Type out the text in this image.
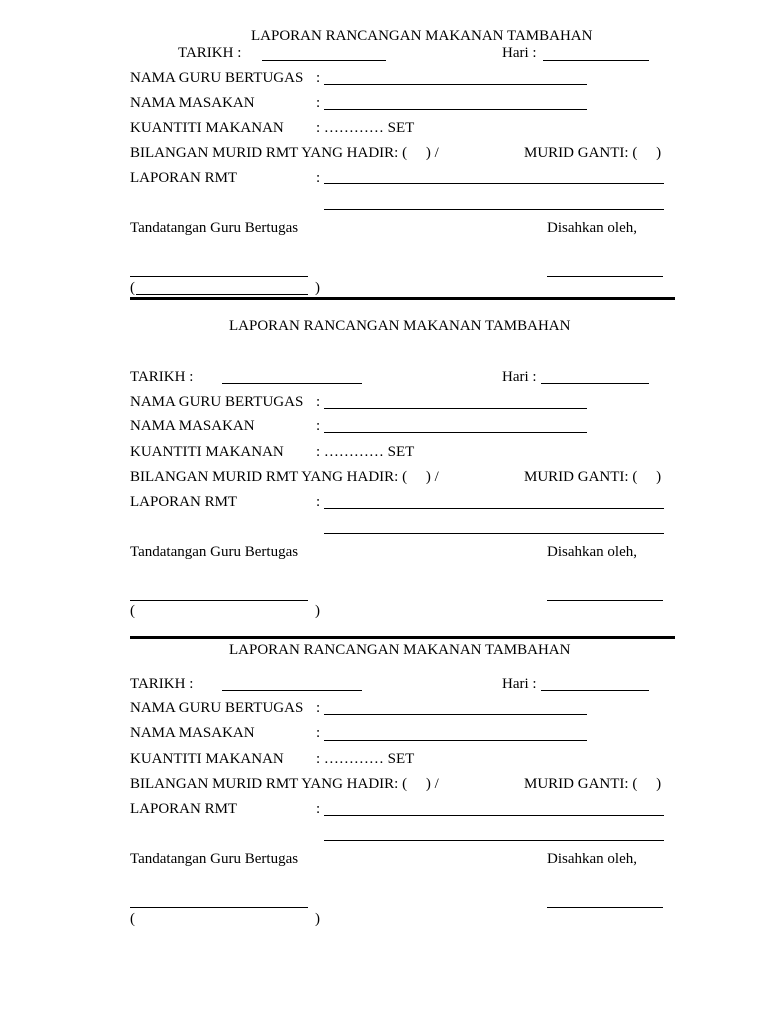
LAPORAN RANCANGAN MAKANAN TAMBAHAN
TARIKH :	Hari :
NAMA GURU BERTUGAS :
NAMA MASAKAN	:
KUANTITI MAKANAN : ………… SET
BILANGAN MURID RMT YANG HADIR: (     ) /	MURID GANTI: (     )
LAPORAN RMT	:
Tandatangan Guru Bertugas	Disahkan oleh,
(	)
LAPORAN RANCANGAN MAKANAN TAMBAHAN
TARIKH :	Hari :
NAMA GURU BERTUGAS :
NAMA MASAKAN	:
KUANTITI MAKANAN : ………… SET
BILANGAN MURID RMT YANG HADIR: (     ) /	MURID GANTI: (     )
LAPORAN RMT	:
Tandatangan Guru Bertugas	Disahkan oleh,
(	)
LAPORAN RANCANGAN MAKANAN TAMBAHAN
TARIKH :	Hari :
NAMA GURU BERTUGAS :
NAMA MASAKAN	:
KUANTITI MAKANAN : ………… SET
BILANGAN MURID RMT YANG HADIR: (     ) /	MURID GANTI: (     )
LAPORAN RMT	:
Tandatangan Guru Bertugas	Disahkan oleh,
(	)
